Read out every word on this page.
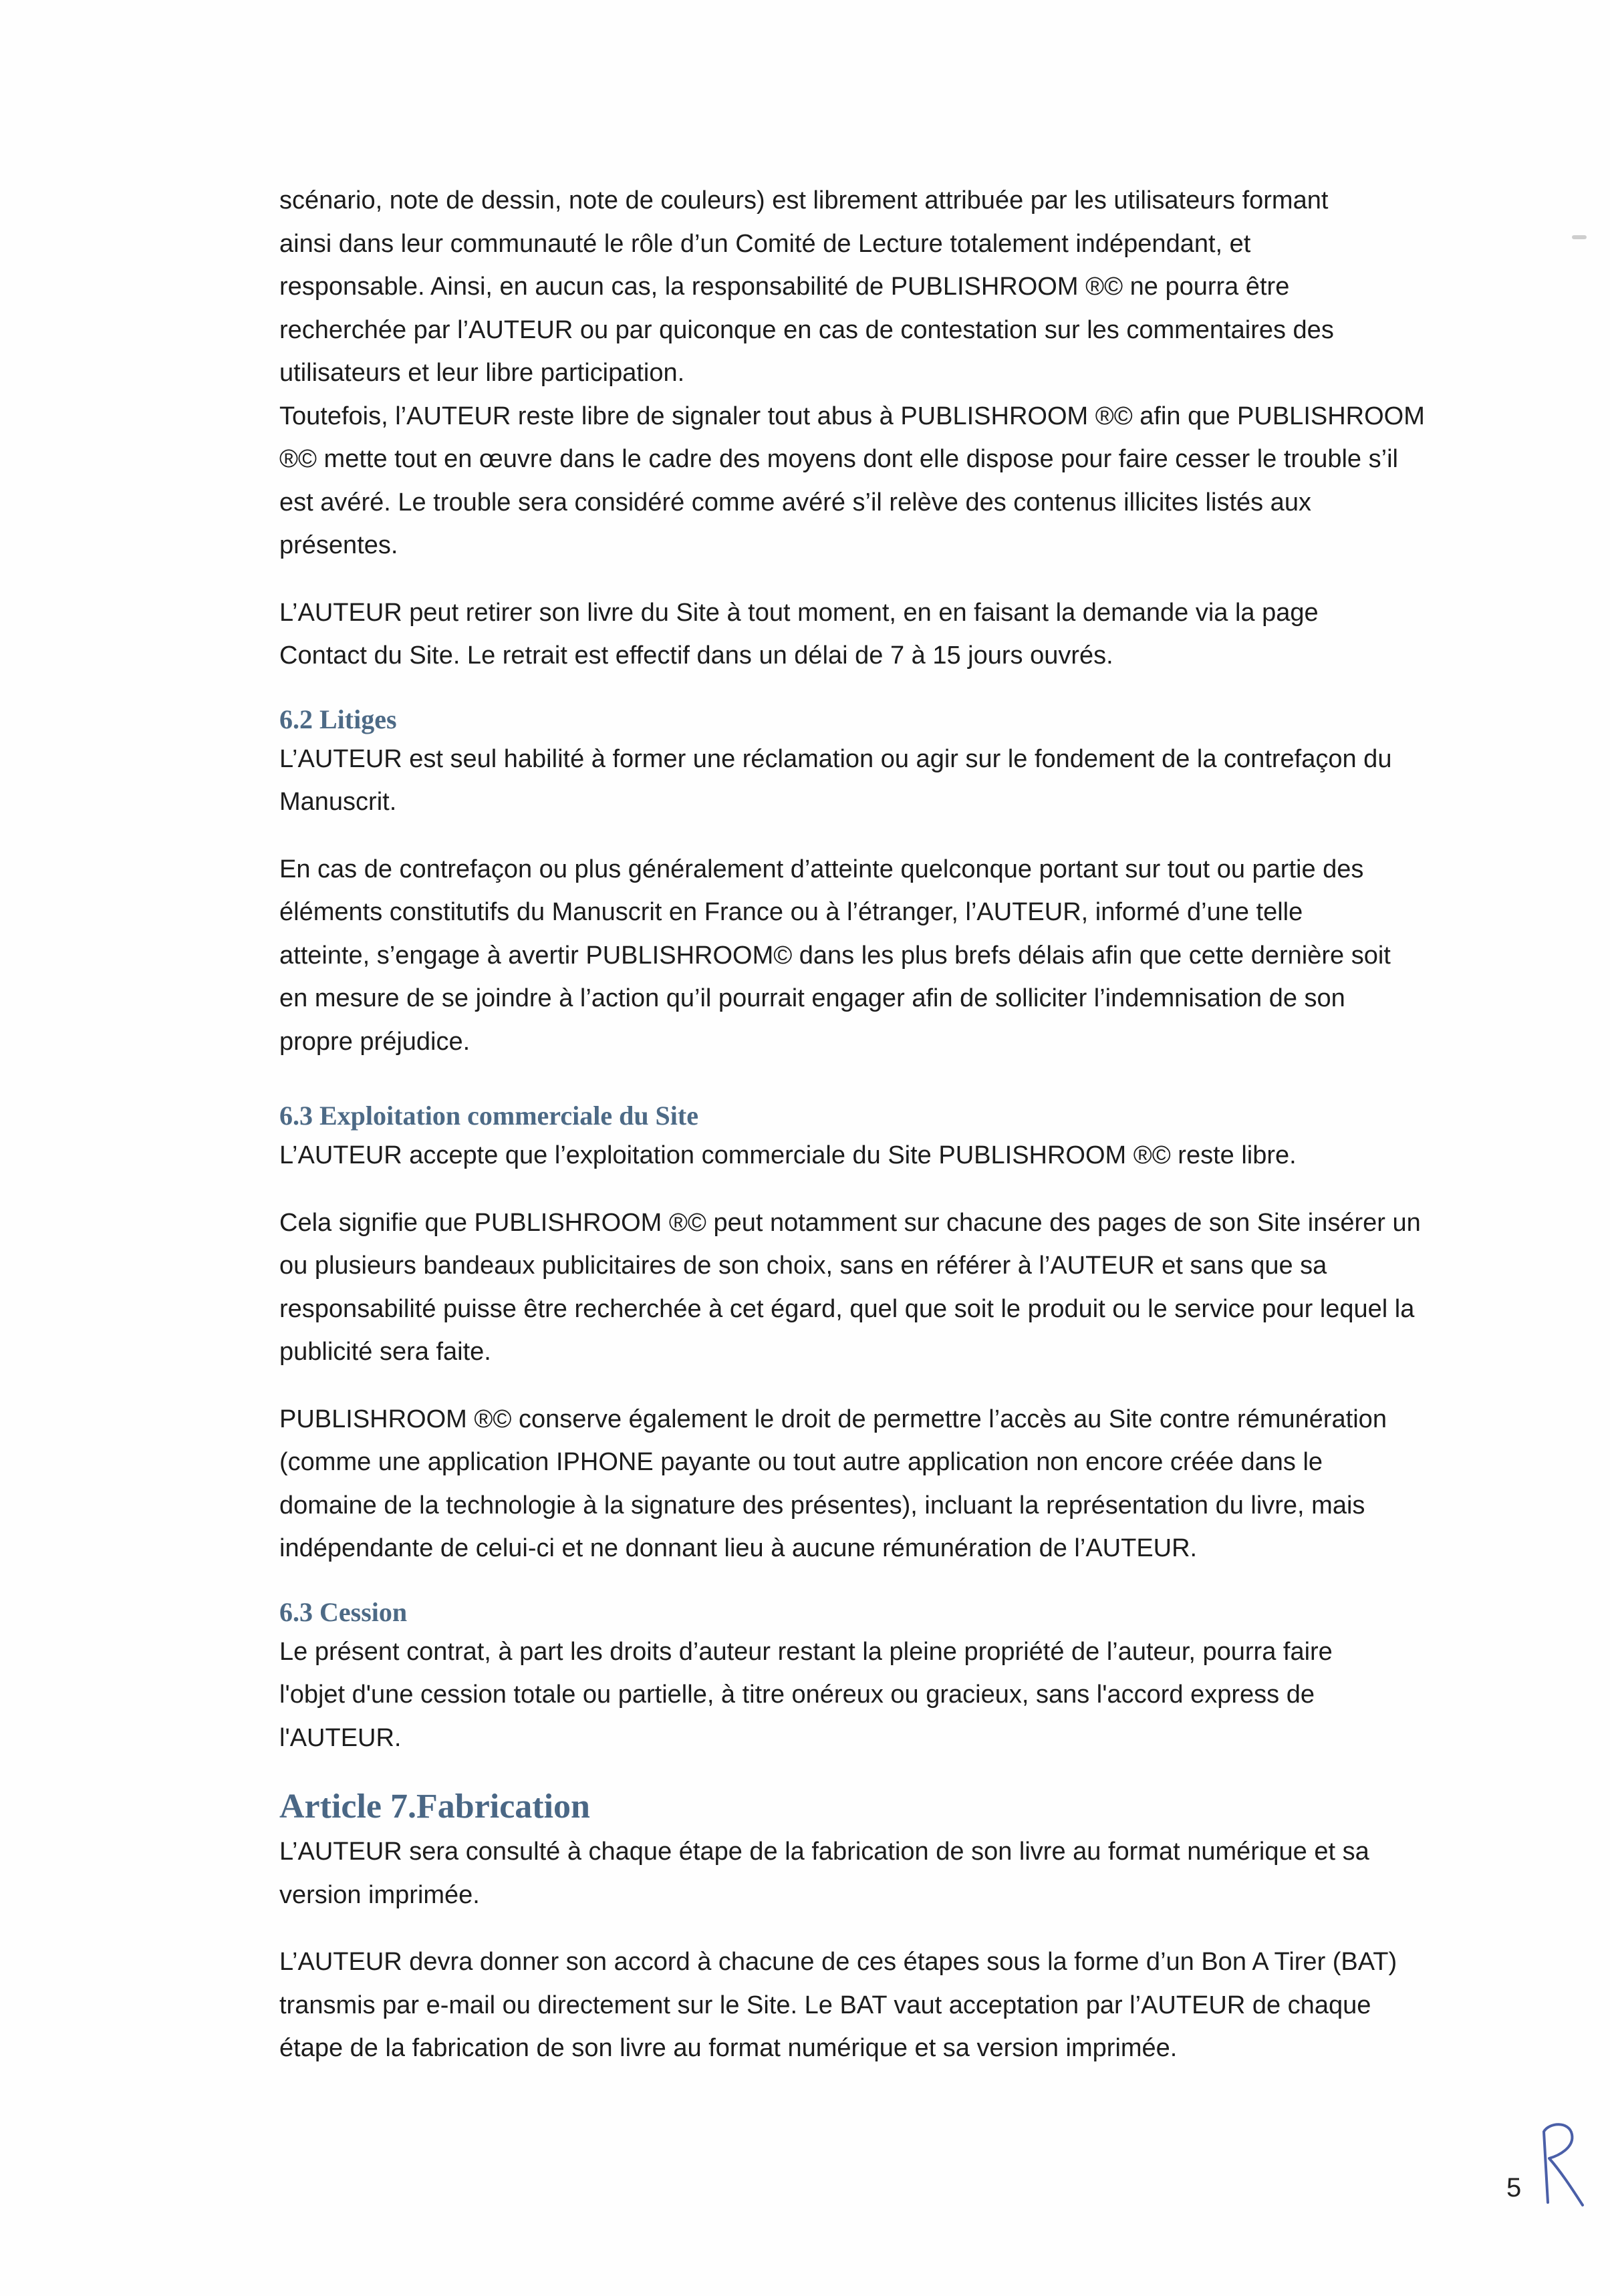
scénario, note de dessin, note de couleurs) est librement attribuée par les utilisateurs formant
ainsi dans leur communauté le rôle d’un Comité de Lecture totalement indépendant, et
responsable. Ainsi, en aucun cas, la responsabilité de PUBLISHROOM ®© ne pourra être
recherchée par l’AUTEUR ou par quiconque en cas de contestation sur les commentaires des
utilisateurs et leur libre participation.
Toutefois, l’AUTEUR reste libre de signaler tout abus à PUBLISHROOM ®© afin que PUBLISHROOM
®© mette tout en œuvre dans le cadre des moyens dont elle dispose pour faire cesser le trouble s’il
est avéré. Le trouble sera considéré comme avéré s’il relève des contenus illicites listés aux
présentes.

L’AUTEUR peut retirer son livre du Site à tout moment, en en faisant la demande via la page
Contact du Site. Le retrait est effectif dans un délai de 7 à 15 jours ouvrés.

6.2 Litiges

L’AUTEUR est seul habilité à former une réclamation ou agir sur le fondement de la contrefaçon du
Manuscrit.

En cas de contrefaçon ou plus généralement d’atteinte quelconque portant sur tout ou partie des
éléments constitutifs du Manuscrit en France ou à l’étranger, l’AUTEUR, informé d’une telle
atteinte, s’engage à avertir PUBLISHROOM© dans les plus brefs délais afin que cette dernière soit
en mesure de se joindre à l’action qu’il pourrait engager afin de solliciter l’indemnisation de son
propre préjudice.

6.3 Exploitation commerciale du Site

L’AUTEUR accepte que l’exploitation commerciale du Site PUBLISHROOM ®© reste libre.

Cela signifie que PUBLISHROOM ®© peut notamment sur chacune des pages de son Site insérer un
ou plusieurs bandeaux publicitaires de son choix, sans en référer à l’AUTEUR et sans que sa
responsabilité puisse être recherchée à cet égard, quel que soit le produit ou le service pour lequel la
publicité sera faite.

PUBLISHROOM ®© conserve également le droit de permettre l’accès au Site contre rémunération
(comme une application IPHONE payante ou tout autre application non encore créée dans le
domaine de la technologie à la signature des présentes), incluant la représentation du livre, mais
indépendante de celui-ci et ne donnant lieu à aucune rémunération de l’AUTEUR.

6.3 Cession

Le présent contrat, à part les droits d’auteur restant la pleine propriété de l’auteur, pourra faire
l'objet d'une cession totale ou partielle, à titre onéreux ou gracieux, sans l'accord express de
l'AUTEUR.

Article 7.Fabrication

L’AUTEUR sera consulté à chaque étape de la fabrication de son livre au format numérique et sa
version imprimée.

L’AUTEUR devra donner son accord à chacune de ces étapes sous la forme d’un Bon A Tirer (BAT)
transmis par e-mail ou directement sur le Site. Le BAT vaut acceptation par l’AUTEUR de chaque
étape de la fabrication de son livre au format numérique et sa version imprimée.

5
